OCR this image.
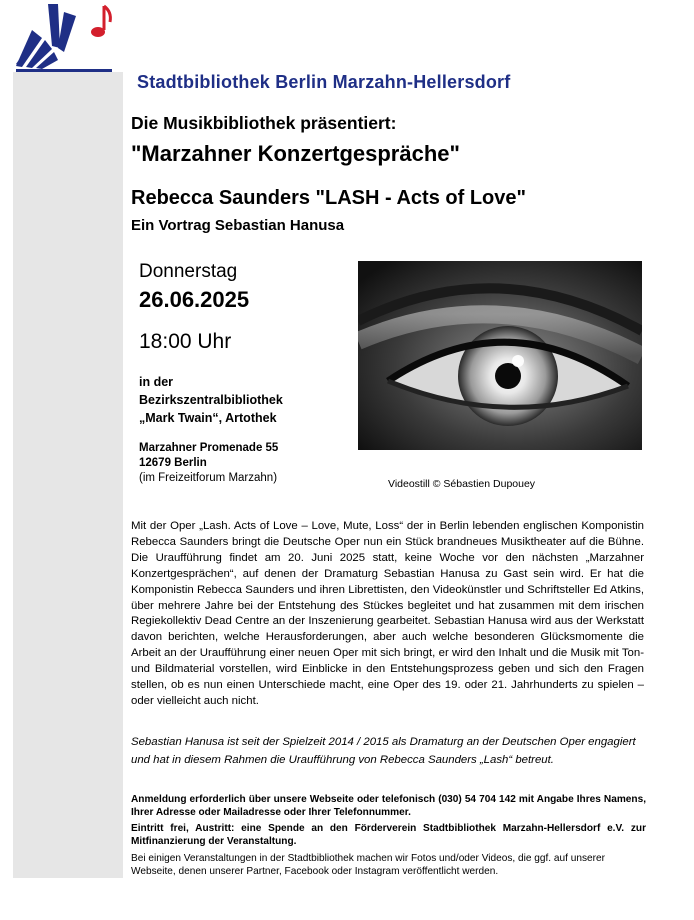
Stadtbibliothek Berlin Marzahn-Hellersdorf
Die Musikbibliothek präsentiert:
"Marzahner Konzertgespräche"
Rebecca Saunders "LASH - Acts of Love"
Ein Vortrag Sebastian Hanusa
Donnerstag
26.06.2025
18:00 Uhr
in der
Bezirkszentralbibliothek
„Mark Twain“, Artothek
Marzahner Promenade 55
12679 Berlin
(im Freizeitforum Marzahn)	Videostill © Sébastien Dupouey
Mit der Oper „Lash. Acts of Love – Love, Mute, Loss“ der in Berlin lebenden englischen Komponistin Rebecca Saunders bringt die Deutsche Oper nun ein Stück brandneues Musiktheater auf die Bühne. Die Uraufführung findet am 20. Juni 2025 statt, keine Woche vor den nächsten „Marzahner Konzertgesprächen“, auf denen der Dramaturg Sebastian Hanusa zu Gast sein wird. Er hat die Komponistin Rebecca Saunders und ihren Librettisten, den Videokünstler und Schriftsteller Ed Atkins, über mehrere Jahre bei der Entstehung des Stückes begleitet und hat zusammen mit dem irischen Regiekollektiv Dead Centre an der Inszenierung gearbeitet. Sebastian Hanusa wird aus der Werkstatt davon berichten, welche Herausforderungen, aber auch welche besonderen Glücksmomente die Arbeit an der Uraufführung einer neuen Oper mit sich bringt, er wird den Inhalt und die Musik mit Ton- und Bildmaterial vorstellen, wird Einblicke in den Entstehungsprozess geben und sich den Fragen stellen, ob es nun einen Unterschiede macht, eine Oper des 19. oder 21. Jahrhunderts zu spielen – oder vielleicht auch nicht.
Sebastian Hanusa ist seit der Spielzeit 2014 / 2015 als Dramaturg an der Deutschen Oper engagiert und hat in diesem Rahmen die Uraufführung von Rebecca Saunders „Lash“ betreut.
Anmeldung erforderlich über unsere Webseite oder telefonisch (030) 54 704 142 mit Angabe Ihres Namens, Ihrer Adresse oder Mailadresse oder Ihrer Telefonnummer.
Eintritt frei, Austritt: eine Spende an den Förderverein Stadtbibliothek Marzahn-Hellersdorf e.V. zur Mitfinanzierung der Veranstaltung.
Bei einigen Veranstaltungen in der Stadtbibliothek machen wir Fotos und/oder Videos, die ggf. auf unserer Webseite, denen unserer Partner, Facebook oder Instagram veröffentlicht werden.
